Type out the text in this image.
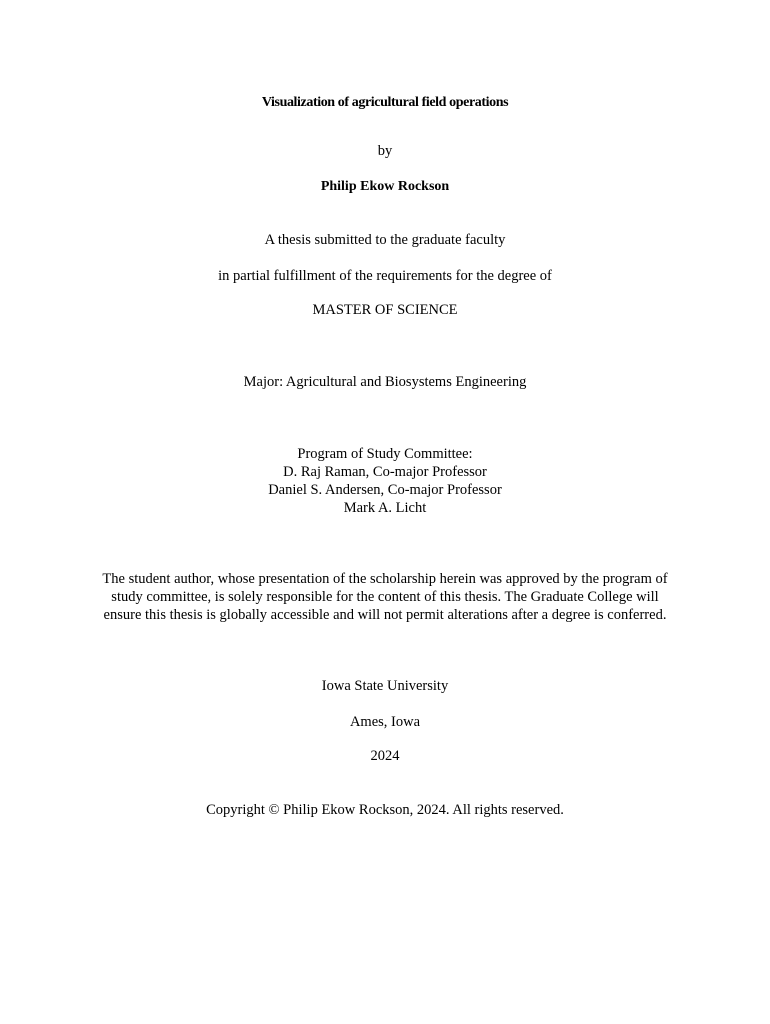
Visualization of agricultural field operations
by
Philip Ekow Rockson
A thesis submitted to the graduate faculty
in partial fulfillment of the requirements for the degree of
MASTER OF SCIENCE
Major: Agricultural and Biosystems Engineering
Program of Study Committee:
D. Raj Raman, Co-major Professor
Daniel S. Andersen, Co-major Professor
Mark A. Licht
The student author, whose presentation of the scholarship herein was approved by the program of
study committee, is solely responsible for the content of this thesis. The Graduate College will
ensure this thesis is globally accessible and will not permit alterations after a degree is conferred.
Iowa State University
Ames, Iowa
2024
Copyright © Philip Ekow Rockson, 2024. All rights reserved.
